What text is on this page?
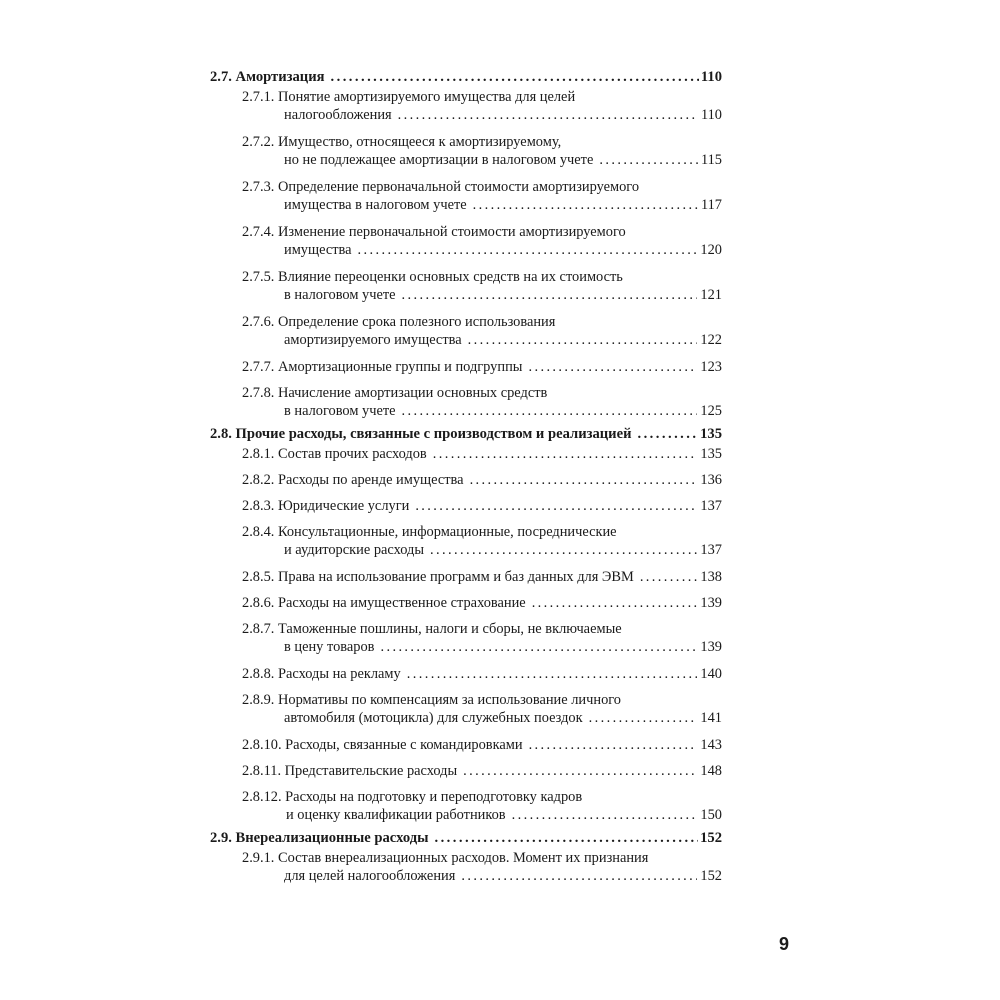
2.7. Амортизация . . .	110
2.7.1. Понятие амортизируемого имущества для целей
налогообложения . . .	110
2.7.2. Имущество, относящееся к амортизируемому,
но не подлежащее амортизации в налоговом учете . . .	115
2.7.3. Определение первоначальной стоимости амортизируемого
имущества в налоговом учете . . .	117
2.7.4. Изменение первоначальной стоимости амортизируемого
имущества . . .	120
2.7.5. Влияние переоценки основных средств на их стоимость
в налоговом учете . . .	121
2.7.6. Определение срока полезного использования
амортизируемого имущества . . .	122
2.7.7. Амортизационные группы и подгруппы . . .	123
2.7.8. Начисление амортизации основных средств
в налоговом учете . . .	125
2.8. Прочие расходы, связанные с производством и реализацией . . .	135
2.8.1. Состав прочих расходов . . .	135
2.8.2. Расходы по аренде имущества . . .	136
2.8.3. Юридические услуги . . .	137
2.8.4. Консультационные, информационные, посреднические
и аудиторские расходы . . .	137
2.8.5. Права на использование программ и баз данных для ЭВМ . . .	138
2.8.6. Расходы на имущественное страхование . . .	139
2.8.7. Таможенные пошлины, налоги и сборы, не включаемые
в цену товаров . . .	139
2.8.8. Расходы на рекламу . . .	140
2.8.9. Нормативы по компенсациям за использование личного
автомобиля (мотоцикла) для служебных поездок . . .	141
2.8.10. Расходы, связанные с командировками . . .	143
2.8.11. Представительские расходы . . .	148
2.8.12. Расходы на подготовку и переподготовку кадров
и оценку квалификации работников . . .	150
2.9. Внереализационные расходы . . .	152
2.9.1. Состав внереализационных расходов. Момент их признания
для целей налогообложения . . .	152
9
